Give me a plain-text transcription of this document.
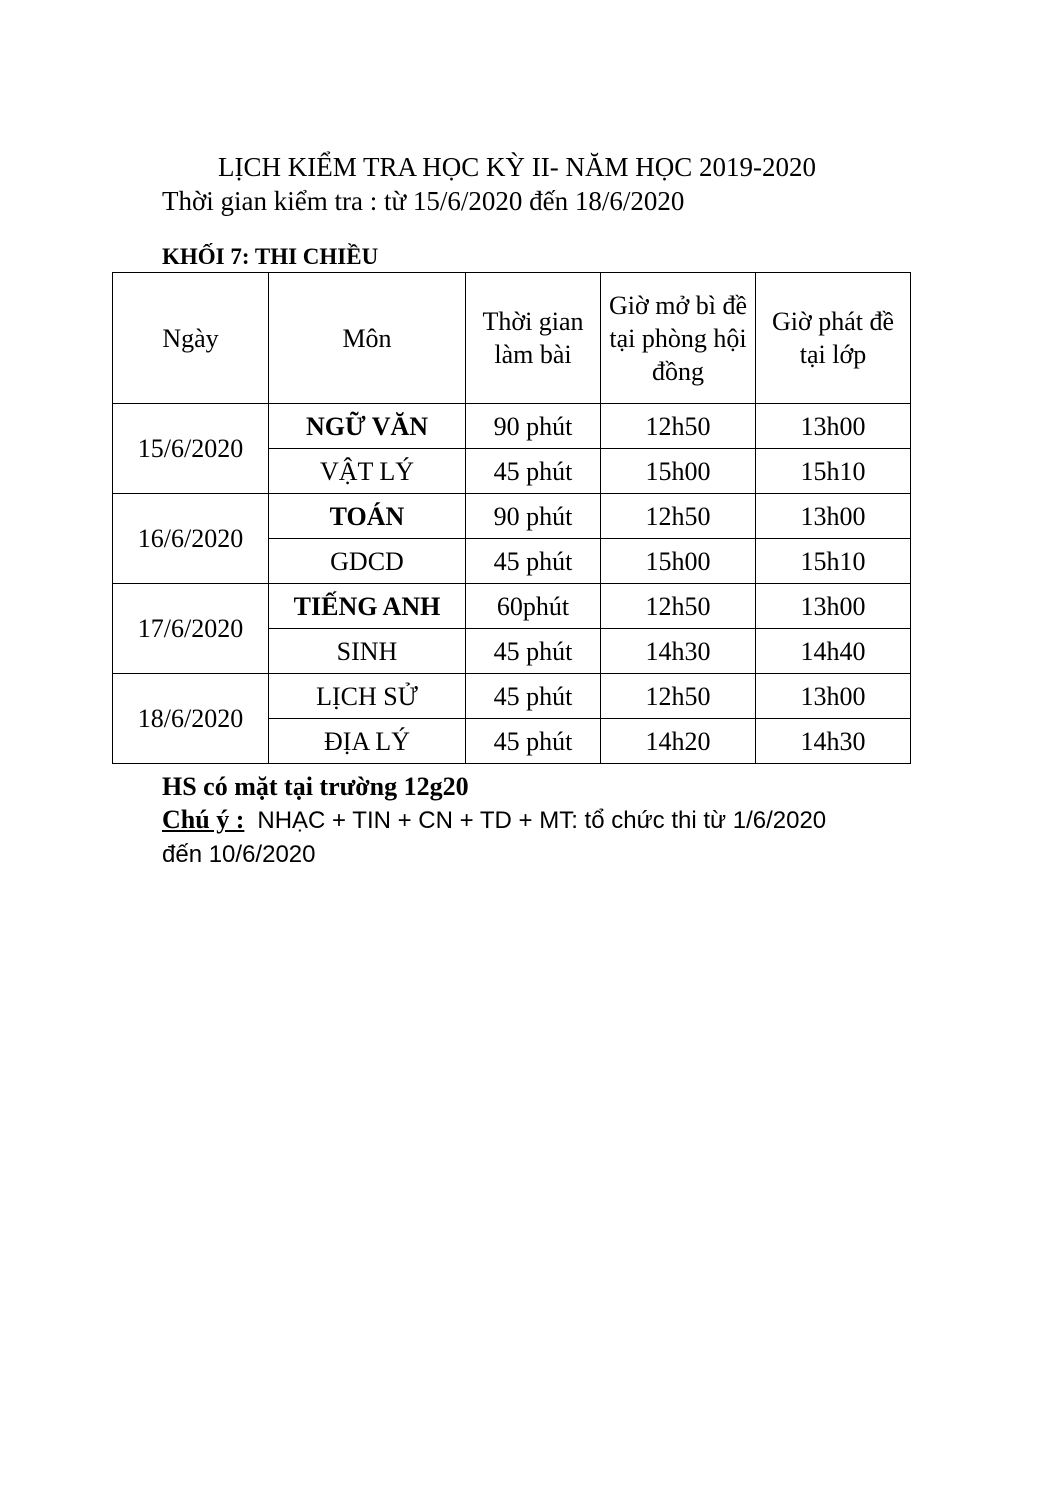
LỊCH KIỂM TRA HỌC KỲ II- NĂM HỌC 2019-2020
Thời gian kiểm tra : từ 15/6/2020 đến 18/6/2020
KHỐI 7: THI CHIỀU
Ngày	Môn	Thời gian làm bài	Giờ mở bì đề tại phòng hội đồng	Giờ phát đề tại lớp
15/6/2020	NGỮ VĂN	90 phút	12h50	13h00
	VẬT LÝ	45 phút	15h00	15h10
16/6/2020	TOÁN	90 phút	12h50	13h00
	GDCD	45 phút	15h00	15h10
17/6/2020	TIẾNG ANH	60phút	12h50	13h00
	SINH	45 phút	14h30	14h40
18/6/2020	LỊCH SỬ	45 phút	12h50	13h00
	ĐỊA LÝ	45 phút	14h20	14h30
HS có mặt tại trường 12g20
Chú ý : NHẠC + TIN + CN + TD + MT: tổ chức thi từ 1/6/2020 đến 10/6/2020
